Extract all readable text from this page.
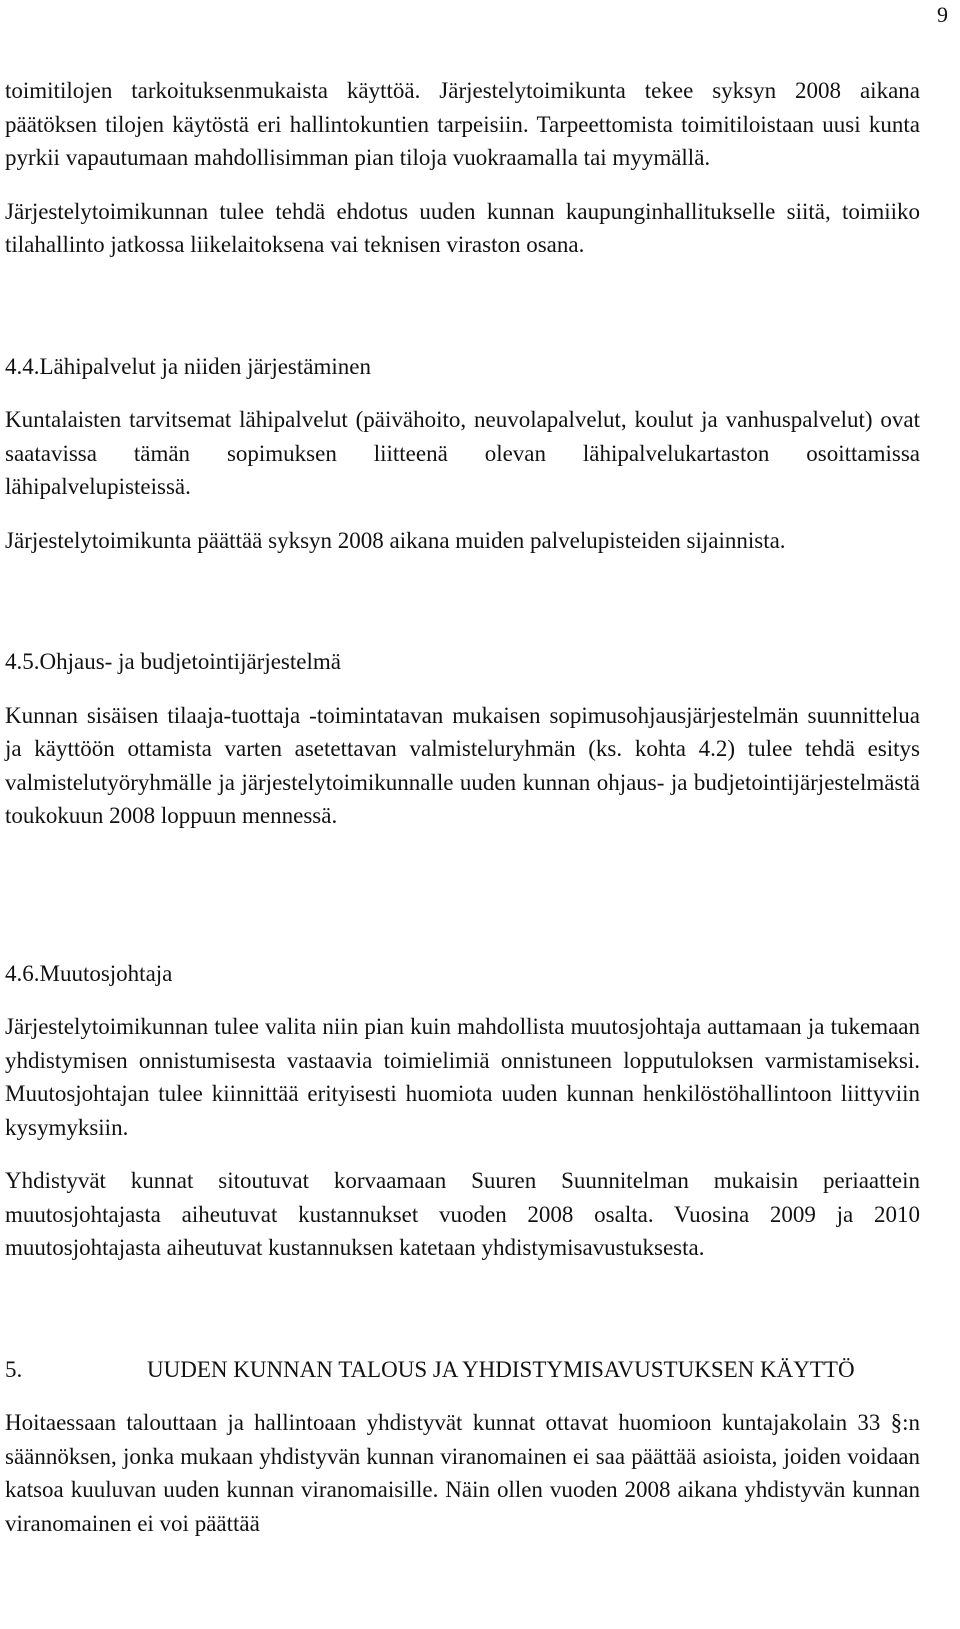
9

toimitilojen tarkoituksenmukaista käyttöä. Järjestelytoimikunta tekee syksyn 2008 aikana päätöksen tilojen käytöstä eri hallintokuntien tarpeisiin. Tarpeettomista toimitiloistaan uusi kunta pyrkii vapautumaan mahdollisimman pian tiloja vuokraamalla tai myymällä.

Järjestelytoimikunnan tulee tehdä ehdotus uuden kunnan kaupunginhallitukselle siitä, toimiiko tilahallinto jatkossa liikelaitoksena vai teknisen viraston osana.

4.4.Lähipalvelut ja niiden järjestäminen

Kuntalaisten tarvitsemat lähipalvelut (päivähoito, neuvolapalvelut, koulut ja vanhuspalvelut) ovat saatavissa tämän sopimuksen liitteenä olevan lähipalvelukartaston osoittamissa lähipalvelupisteissä.

Järjestelytoimikunta päättää syksyn 2008 aikana muiden palvelupisteiden sijainnista.

4.5.Ohjaus- ja budjetointijärjestelmä

Kunnan sisäisen tilaaja-tuottaja -toimintatavan mukaisen sopimusohjausjärjestelmän suunnittelua ja käyttöön ottamista varten asetettavan valmisteluryhmän (ks. kohta 4.2) tulee tehdä esitys valmistelutyöryhmälle ja järjestelytoimikunnalle uuden kunnan ohjaus- ja budjetointijärjestelmästä toukokuun 2008 loppuun mennessä.

4.6.Muutosjohtaja

Järjestelytoimikunnan tulee valita niin pian kuin mahdollista muutosjohtaja auttamaan ja tukemaan yhdistymisen onnistumisesta vastaavia toimielimiä onnistuneen lopputuloksen varmistamiseksi. Muutosjohtajan tulee kiinnittää erityisesti huomiota uuden kunnan henkilöstöhallintoon liittyviin kysymyksiin.

Yhdistyvät kunnat sitoutuvat korvaamaan Suuren Suunnitelman mukaisin periaattein muutosjohtajasta aiheutuvat kustannukset vuoden 2008 osalta. Vuosina 2009 ja 2010 muutosjohtajasta aiheutuvat kustannuksen katetaan yhdistymisavustuksesta.

5.	UUDEN KUNNAN TALOUS JA YHDISTYMISAVUSTUKSEN KÄYTTÖ

Hoitaessaan talouttaan ja hallintoaan yhdistyvät kunnat ottavat huomioon kuntajakolain 33 §:n säännöksen, jonka mukaan yhdistyvän kunnan viranomainen ei saa päättää asioista, joiden voidaan katsoa kuuluvan uuden kunnan viranomaisille. Näin ollen vuoden 2008 aikana yhdistyvän kunnan viranomainen ei voi päättää
